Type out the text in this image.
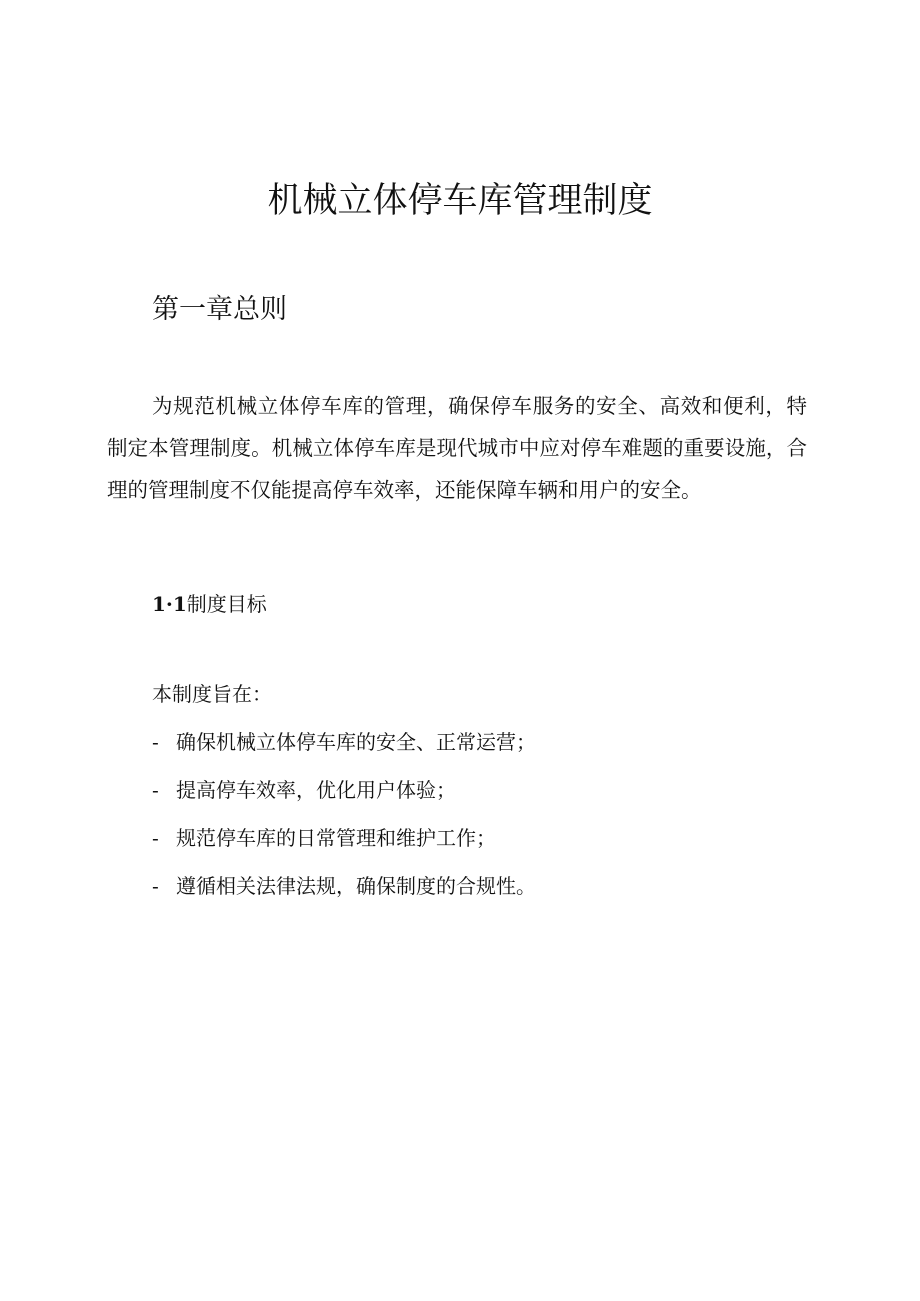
机械立体停车库管理制度
第一章总则

为规范机械立体停车库的管理，确保停车服务的安全、高效和便利，特制定本管理制度。机械立体停车库是现代城市中应对停车难题的重要设施，合理的管理制度不仅能提高停车效率，还能保障车辆和用户的安全。

1·1制度目标

本制度旨在：

- 确保机械立体停车库的安全、正常运营；
- 提高停车效率，优化用户体验；
- 规范停车库的日常管理和维护工作；
- 遵循相关法律法规，确保制度的合规性。
